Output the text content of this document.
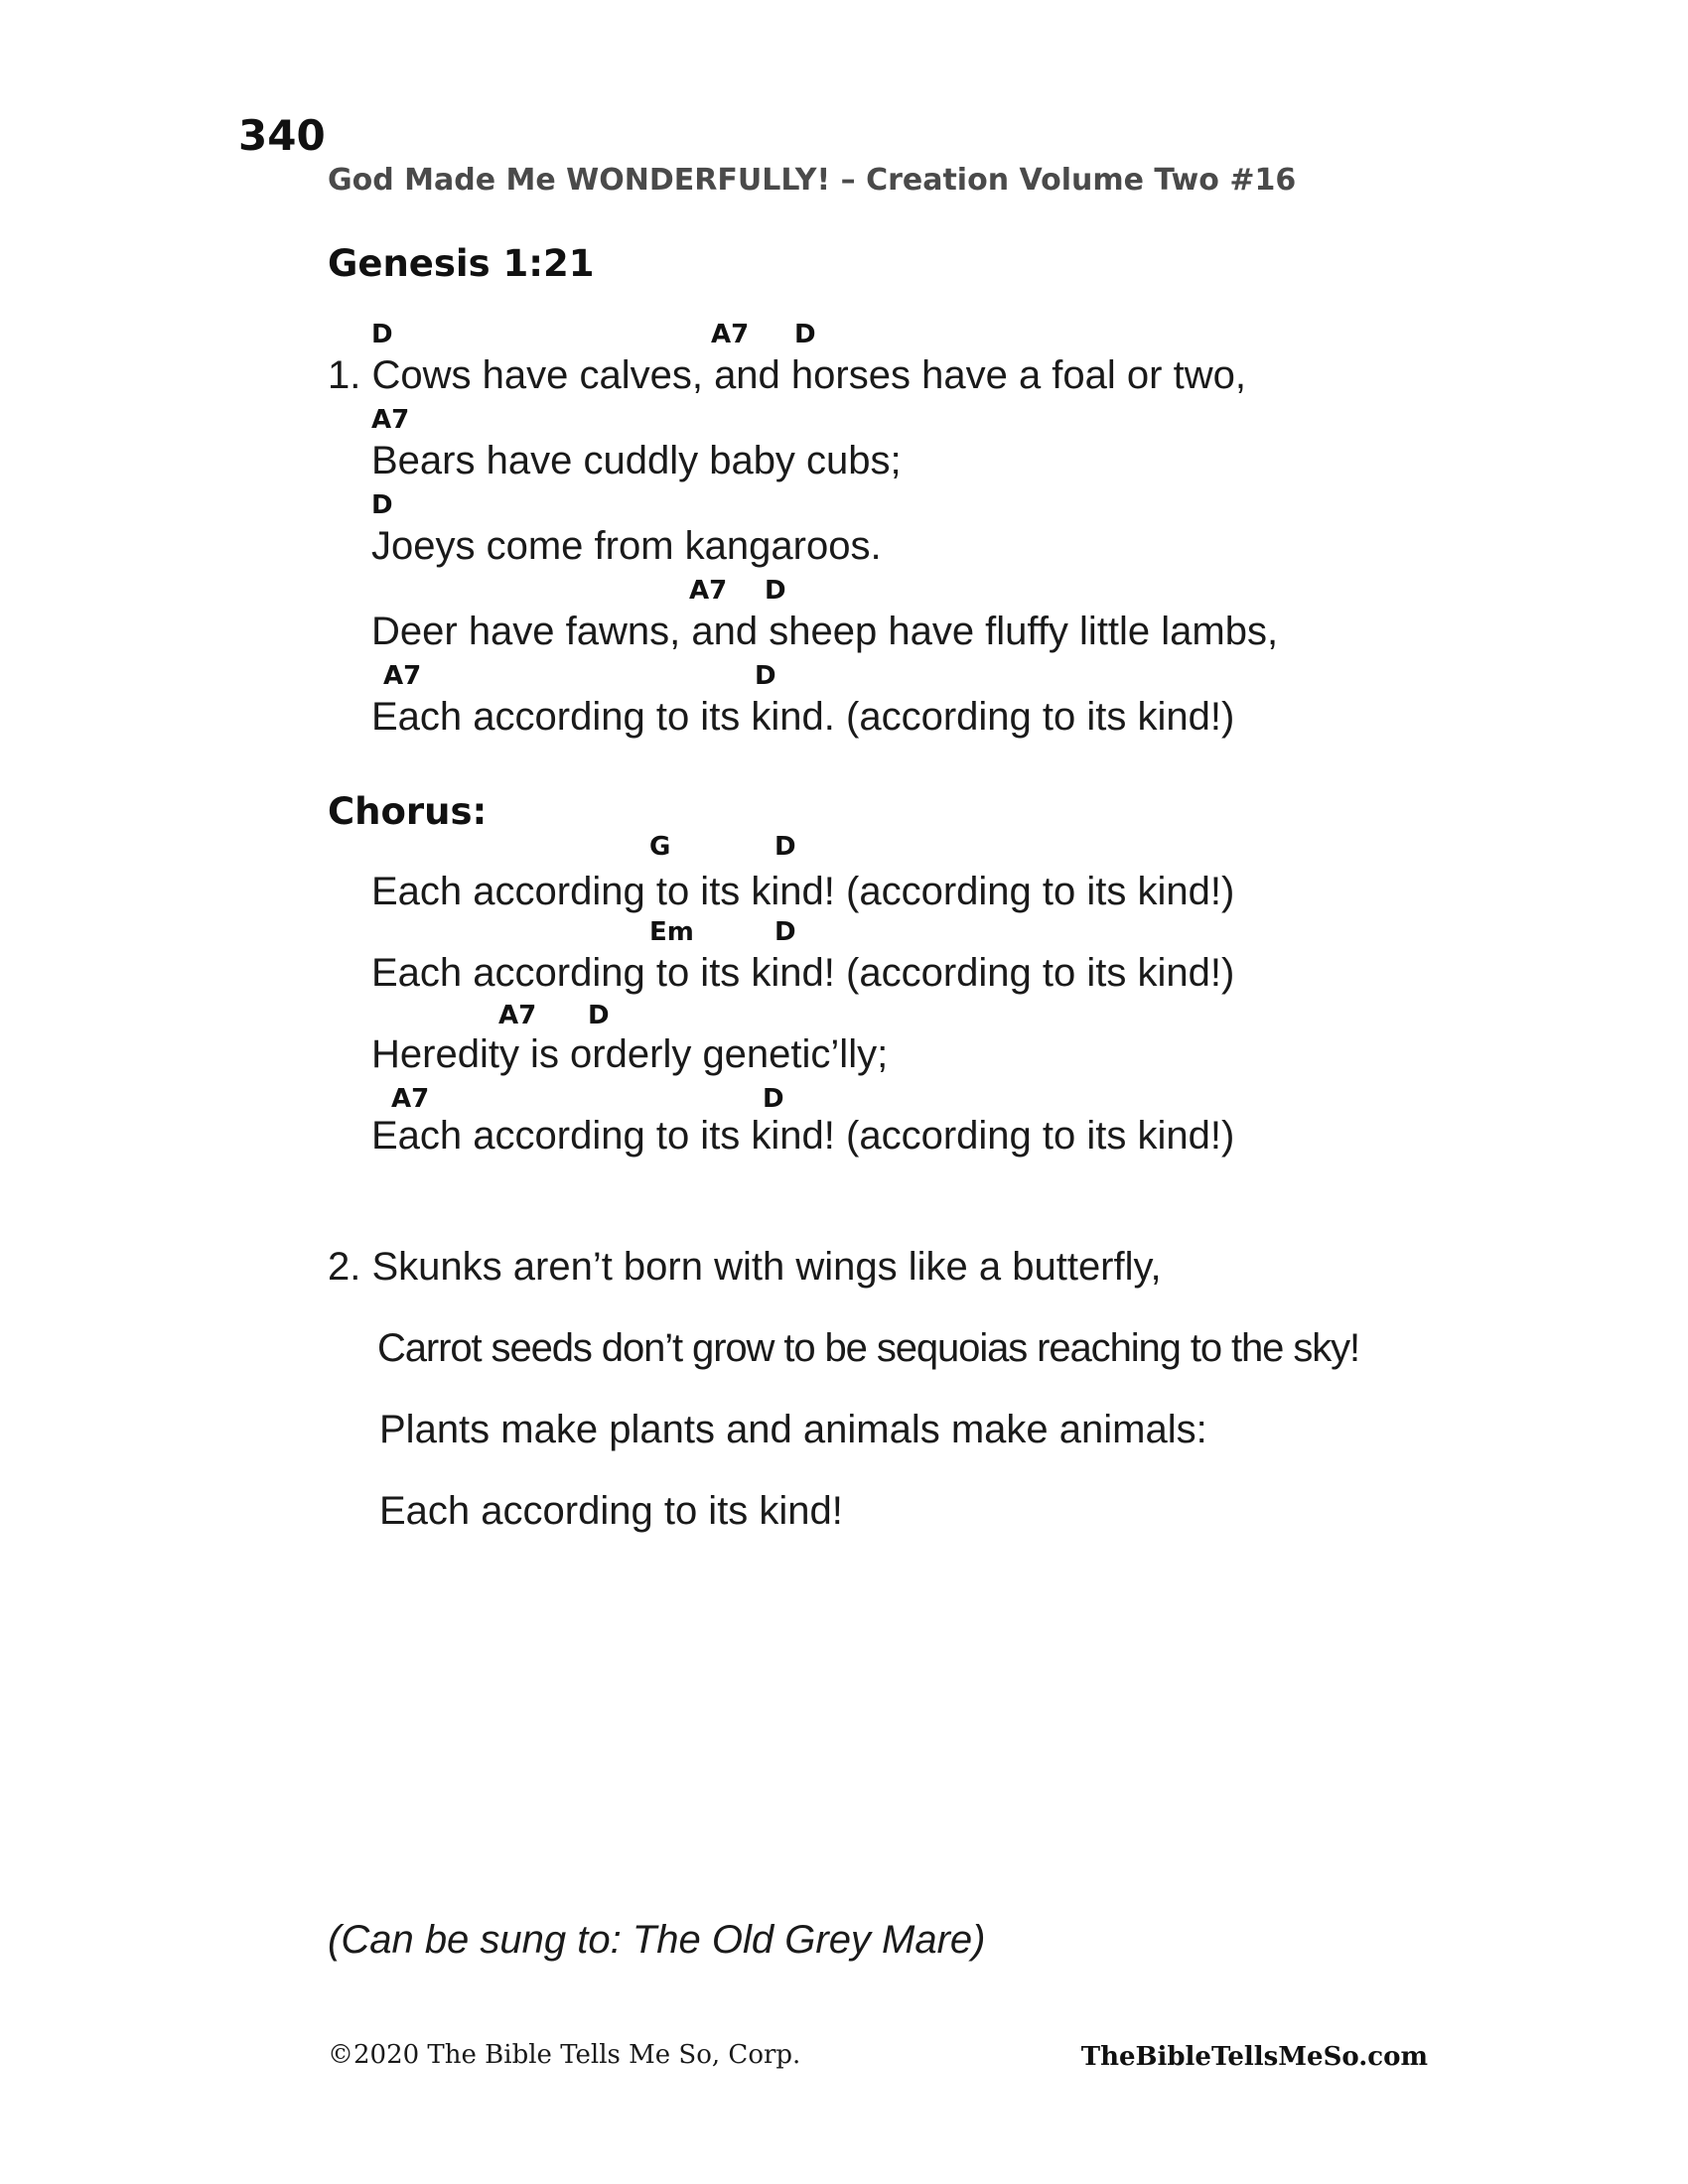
340
God Made Me WONDERFULLY! – Creation Volume Two #16
Genesis 1:21
D	A7 D
1. Cows have calves, and horses have a foal or two,
A7
Bears have cuddly baby cubs;
D
Joeys come from kangaroos.
A7 D
Deer have fawns, and sheep have fluffy little lambs,
A7	D
Each according to its kind. (according to its kind!)
Chorus:
G	D
Each according to its kind! (according to its kind!)
Em	D
Each according to its kind! (according to its kind!)
A7 D
Heredity is orderly genetic’lly;
A7	D
Each according to its kind! (according to its kind!)
2. Skunks aren’t born with wings like a butterfly,
Carrot seeds don’t grow to be sequoias reaching to the sky!
Plants make plants and animals make animals:
Each according to its kind!
(Can be sung to: The Old Grey Mare)
©2020 The Bible Tells Me So, Corp.	TheBibleTellsMeSo.com
